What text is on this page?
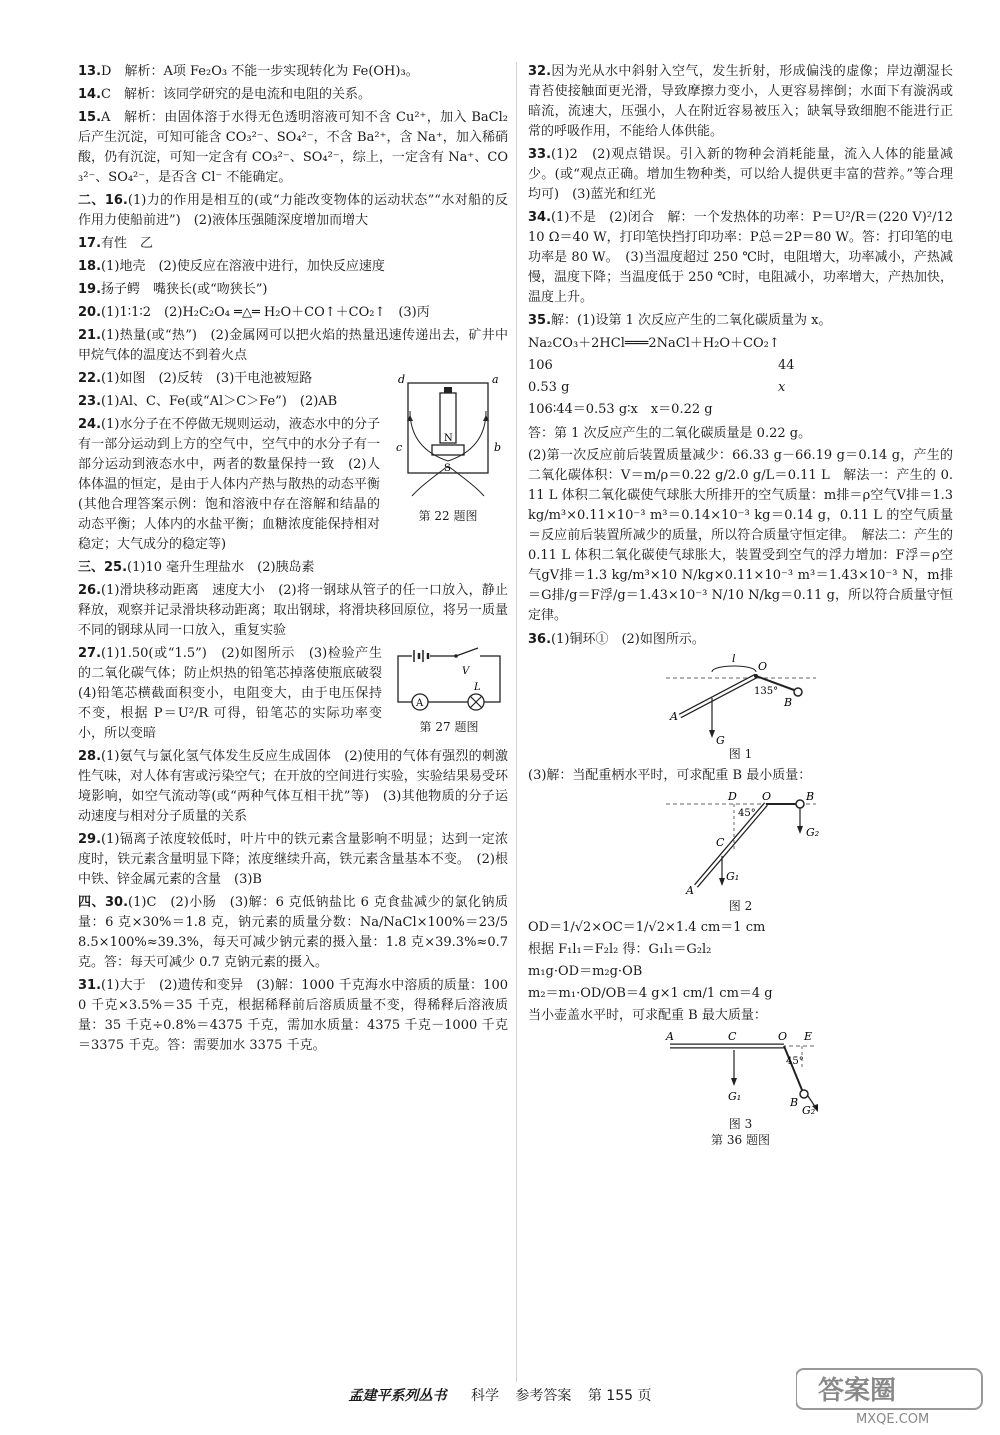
13.D　解析：A项 Fe₂O₃ 不能一步实现转化为 Fe(OH)₃。
14.C　解析：该同学研究的是电流和电阻的关系。
15.A　解析：由固体溶于水得无色透明溶液可知不含 Cu²⁺，加入 BaCl₂ 后产生沉淀，可知可能含 CO₃²⁻、SO₄²⁻，不含 Ba²⁺，含 Na⁺，加入稀硝酸，仍有沉淀，可知一定含有 CO₃²⁻、SO₄²⁻，综上，一定含有 Na⁺、CO₃²⁻、SO₄²⁻，是否含 Cl⁻ 不能确定。
二、16.(1)力的作用是相互的(或“力能改变物体的运动状态”“水对船的反作用力使船前进”)　(2)液体压强随深度增加而增大
17.有性　乙
18.(1)地壳　(2)使反应在溶液中进行，加快反应速度
19.扬子鳄　嘴狭长(或“吻狭长”)
20.(1)1∶1∶2　(2)H₂C₂O₄ ═△═ H₂O＋CO↑＋CO₂↑　(3)丙
21.(1)热量(或“热”)　(2)金属网可以把火焰的热量迅速传递出去，矿井中甲烷气体的温度达不到着火点
d	a
c	b
N
S
第 22 题图
22.(1)如图　(2)反转　(3)干电池被短路
23.(1)Al、C、Fe(或“Al＞C＞Fe”)　(2)AB
24.(1)水分子在不停做无规则运动，液态水中的分子有一部分运动到上方的空气中，空气中的水分子有一部分运动到液态水中，两者的数量保持一致　(2)人体体温的恒定，是由于人体内产热与散热的动态平衡(其他合理答案示例：饱和溶液中存在溶解和结晶的动态平衡；人体内的水盐平衡；血糖浓度能保持相对稳定；大气成分的稳定等)
三、25.(1)10 毫升生理盐水　(2)胰岛素
26.(1)滑块移动距离　速度大小　(2)将一钢球从管子的任一口放入，静止释放，观察并记录滑块移动距离；取出钢球，将滑块移回原位，将另一质量不同的钢球从同一口放入，重复实验
A
L
V
第 27 题图
27.(1)1.50(或“1.5”)　(2)如图所示　(3)检验产生的二氧化碳气体；防止炽热的铅笔芯掉落使瓶底破裂　(4)铅笔芯横截面积变小，电阻变大，由于电压保持不变，根据 P＝U²/R 可得，铅笔芯的实际功率变小，所以变暗
28.(1)氨气与氯化氢气体发生反应生成固体　(2)使用的气体有强烈的刺激性气味，对人体有害或污染空气；在开放的空间进行实验，实验结果易受环境影响，如空气流动等(或“两种气体互相干扰”等)　(3)其他物质的分子运动速度与相对分子质量的关系
29.(1)镉离子浓度较低时，叶片中的铁元素含量影响不明显；达到一定浓度时，铁元素含量明显下降；浓度继续升高，铁元素含量基本不变。　(2)根中铁、锌金属元素的含量　(3)B
四、30.(1)C　(2)小肠　(3)解：6 克低钠盐比 6 克食盐减少的氯化钠质量：6 克×30%＝1.8 克，钠元素的质量分数：Na/NaCl×100%＝23/58.5×100%≈39.3%，每天可减少钠元素的摄入量：1.8 克×39.3%≈0.7 克。答：每天可减少 0.7 克钠元素的摄入。
31.(1)大于　(2)遗传和变异　(3)解：1000 千克海水中溶质的质量：1000 千克×3.5%＝35 千克，根据稀释前后溶质质量不变，得稀释后溶液质量：35 千克÷0.8%＝4375 千克，需加水质量：4375 千克－1000 千克＝3375 千克。答：需要加水 3375 千克。
32.因为光从水中斜射入空气，发生折射，形成偏浅的虚像；岸边潮湿长青苔使接触面更光滑，导致摩擦力变小，人更容易摔倒；水面下有漩涡或暗流，流速大，压强小，人在附近容易被压入；缺氧导致细胞不能进行正常的呼吸作用，不能给人体供能。
33.(1)2　(2)观点错误。引入新的物种会消耗能量，流入人体的能量减少。(或“观点正确。增加生物种类，可以给人提供更丰富的营养。”等合理均可)　(3)蓝光和红光
34.(1)不是　(2)闭合　解：一个发热体的功率：P＝U²/R＝(220 V)²/1210 Ω＝40 W，打印笔快挡打印功率：P总＝2P＝80 W。答：打印笔的电功率是 80 W。　(3)当温度超过 250 ℃时，电阻增大，功率减小，产热减慢，温度下降；当温度低于 250 ℃时，电阻减小，功率增大，产热加快，温度上升。
35.解：(1)设第 1 次反应产生的二氧化碳质量为 x。
Na₂CO₃＋2HCl═══2NaCl＋H₂O＋CO₂↑
106	44
0.53 g	x
106∶44＝0.53 g∶x　x＝0.22 g
答：第 1 次反应产生的二氧化碳质量是 0.22 g。
(2)第一次反应前后装置质量减少：66.33 g－66.19 g＝0.14 g，产生的二氧化碳体积：V＝m/ρ＝0.22 g/2.0 g/L＝0.11 L　解法一：产生的 0.11 L 体积二氧化碳使气球胀大所排开的空气质量：m排＝ρ空气V排＝1.3 kg/m³×0.11×10⁻³ m³＝0.14×10⁻³ kg＝0.14 g，0.11 L 的空气质量＝反应前后装置所减少的质量，所以符合质量守恒定律。　解法二：产生的 0.11 L 体积二氧化碳使气球胀大，装置受到空气的浮力增加：F浮＝ρ空气gV排＝1.3 kg/m³×10 N/kg×0.11×10⁻³ m³＝1.43×10⁻³ N，m排＝G排/g＝F浮/g＝1.43×10⁻³ N/10 N/kg＝0.11 g，所以符合质量守恒定律。
36.(1)铜环①　(2)如图所示。
l
O
135°
B
A
G
图 1
(3)解：当配重柄水平时，可求配重 B 最小质量：
D
45°
O	B
C
A
G₁
G₂
图 2
OD＝1/√2×OC＝1/√2×1.4 cm＝1 cm
根据 F₁l₁＝F₂l₂ 得：G₁l₁＝G₂l₂
m₁g·OD＝m₂g·OB
m₂＝m₁·OD/OB＝4 g×1 cm/1 cm＝4 g
当小壶盖水平时，可求配重 B 最大质量：
A	C	O E
45°
B
G₁
G₂'
图 3
第 36 题图
孟建平系列丛书 科学 参考答案 第 155 页	答案圈
MXQE.COM
